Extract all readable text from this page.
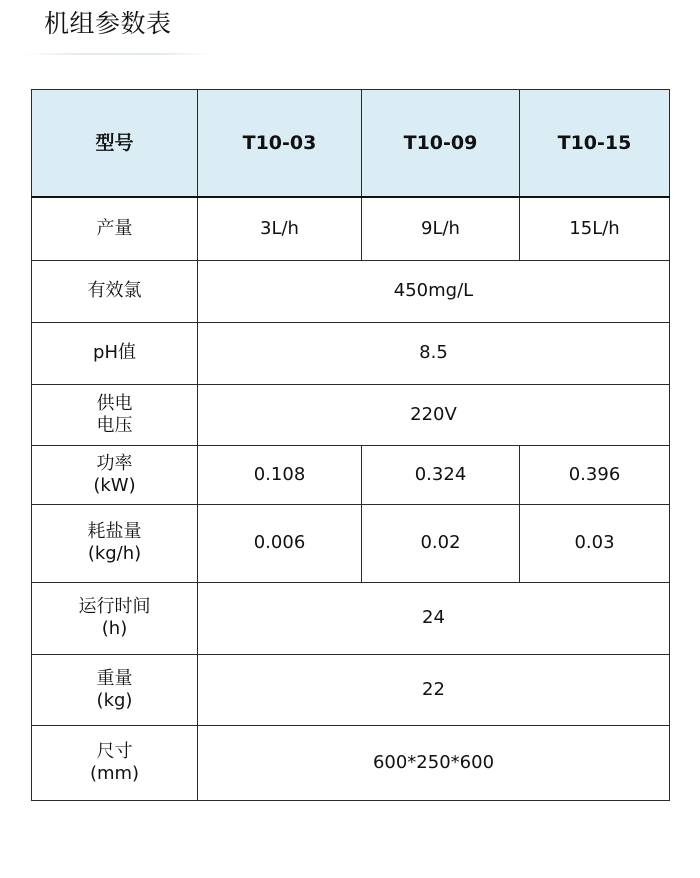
机组参数表
型号	T10-03	T10-09	T10-15

产量	3L/h	9L/h	15L/h

有效氯	450mg/L		

pH值	8.5		

供电
电压	220V		

功率
(kW)	0.108	0.324	0.396

耗盐量
(kg/h)	0.006	0.02	0.03

运行时间
(h)	24		

重量
(kg)	22		

尺寸
(mm)	600*250*600		
